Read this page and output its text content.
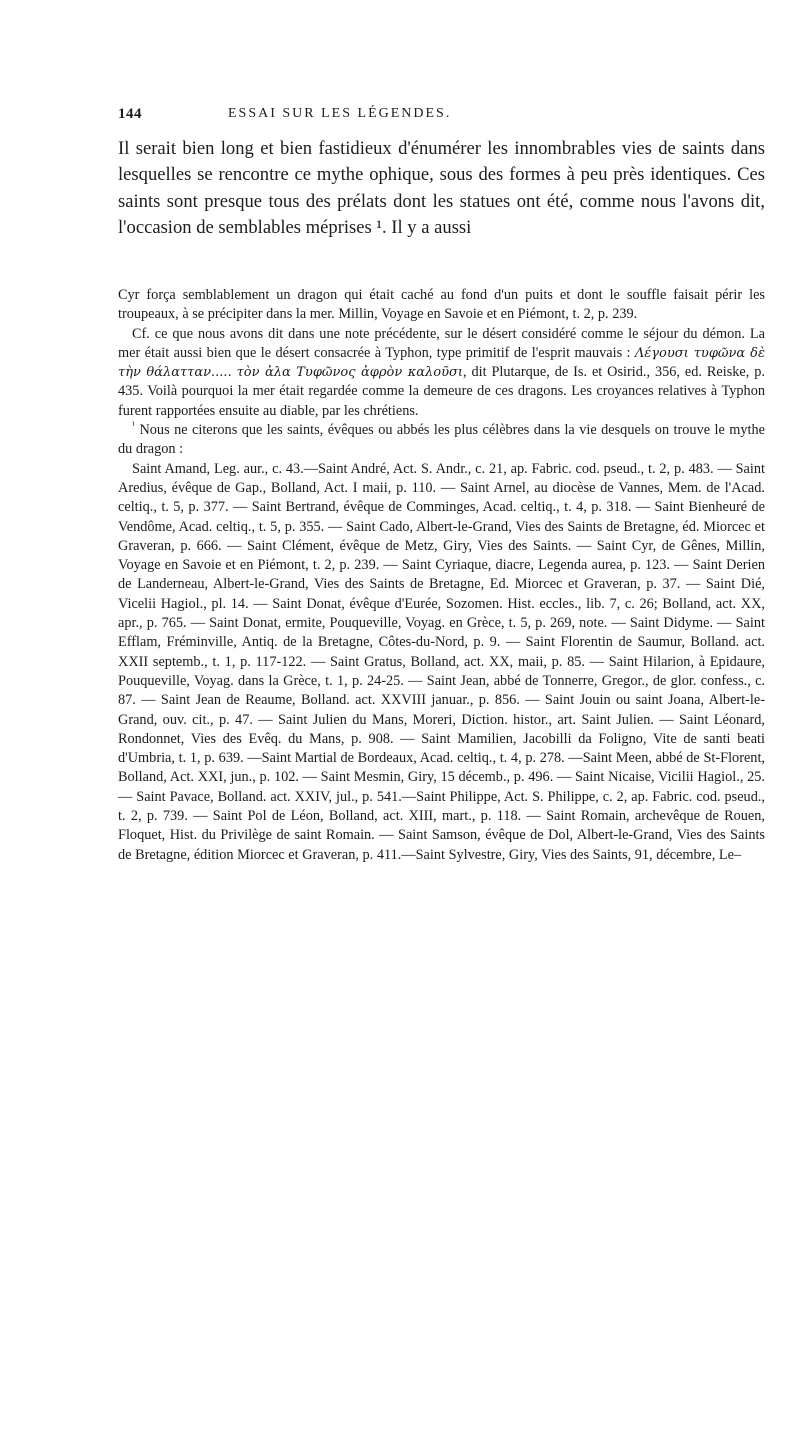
144	ESSAI SUR LES LÉGENDES.

Il serait bien long et bien fastidieux d'énumérer les innombrables vies de saints dans lesquelles se rencontre ce mythe ophique, sous des formes à peu près identiques. Ces saints sont presque tous des prélats dont les statues ont été, comme nous l'avons dit, l'occasion de semblables méprises ¹. Il y a aussi

Cyr força semblablement un dragon qui était caché au fond d'un puits et dont le souffle faisait périr les troupeaux, à se précipiter dans la mer. Millin, Voyage en Savoie et en Piémont, t. 2, p. 239.

Cf. ce que nous avons dit dans une note précédente, sur le désert considéré comme le séjour du démon. La mer était aussi bien que le désert consacrée à Typhon, type primitif de l'esprit mauvais : Λέγουσι τυφῶνα δὲ τὴν θάλατταν..... τὸν ἀλα Τυφῶνος ἀφρὸν καλοῦσι, dit Plutarque, de Is. et Osirid., 356, ed. Reiske, p. 435. Voilà pourquoi la mer était regardée comme la demeure de ces dragons. Les croyances relatives à Typhon furent rapportées ensuite au diable, par les chrétiens.

$^{^1}$ Nous ne citerons que les saints, évêques ou abbés les plus célèbres dans la vie desquels on trouve le mythe du dragon :

Saint Amand, Leg. aur., c. 43.—Saint André, Act. S. Andr., c. 21, ap. Fabric. cod. pseud., t. 2, p. 483. — Saint Aredius, évêque de Gap., Bolland, Act. I maii, p. 110. — Saint Arnel, au diocèse de Vannes, Mem. de l'Acad. celtiq., t. 5, p. 377. — Saint Bertrand, évêque de Comminges, Acad. celtiq., t. 4, p. 318. — Saint Bienheuré de Vendôme, Acad. celtiq., t. 5, p. 355. — Saint Cado, Albert-le-Grand, Vies des Saints de Bretagne, éd. Miorcec et Graveran, p. 666. — Saint Clément, évêque de Metz, Giry, Vies des Saints. — Saint Cyr, de Gênes, Millin, Voyage en Savoie et en Piémont, t. 2, p. 239. — Saint Cyriaque, diacre, Legenda aurea, p. 123. — Saint Derien de Landerneau, Albert-le-Grand, Vies des Saints de Bretagne, Ed. Miorcec et Graveran, p. 37. — Saint Dié, Vicelii Hagiol., pl. 14. — Saint Donat, évêque d'Eurée, Sozomen. Hist. eccles., lib. 7, c. 26; Bolland, act. XX, apr., p. 765. — Saint Donat, ermite, Pouqueville, Voyag. en Grèce, t. 5, p. 269, note. — Saint Didyme. — Saint Efflam, Fréminville, Antiq. de la Bretagne, Côtes-du-Nord, p. 9. — Saint Florentin de Saumur, Bolland. act. XXII septemb., t. 1, p. 117-122. — Saint Gratus, Bolland, act. XX, maii, p. 85. — Saint Hilarion, à Epidaure, Pouqueville, Voyag. dans la Grèce, t. 1, p. 24-25. — Saint Jean, abbé de Tonnerre, Gregor., de glor. confess., c. 87. — Saint Jean de Reaume, Bolland. act. XXVIII januar., p. 856. — Saint Jouin ou saint Joana, Albert-le-Grand, ouv. cit., p. 47. — Saint Julien du Mans, Moreri, Diction. histor., art. Saint Julien. — Saint Léonard, Rondonnet, Vies des Evêq. du Mans, p. 908. — Saint Mamilien, Jacobilli da Foligno, Vite de santi beati d'Umbria, t. 1, p. 639. —Saint Martial de Bordeaux, Acad. celtiq., t. 4, p. 278. —Saint Meen, abbé de St-Florent, Bolland, Act. XXI, jun., p. 102. — Saint Mesmin, Giry, 15 décemb., p. 496. — Saint Nicaise, Vicilii Hagiol., 25. — Saint Pavace, Bolland. act. XXIV, jul., p. 541.—Saint Philippe, Act. S. Philippe, c. 2, ap. Fabric. cod. pseud., t. 2, p. 739. — Saint Pol de Léon, Bolland, act. XIII, mart., p. 118. — Saint Romain, archevêque de Rouen, Floquet, Hist. du Privilège de saint Romain. — Saint Samson, évêque de Dol, Albert-le-Grand, Vies des Saints de Bretagne, édition Miorcec et Graveran, p. 411.—Saint Sylvestre, Giry, Vies des Saints, 91, décembre, Le–
